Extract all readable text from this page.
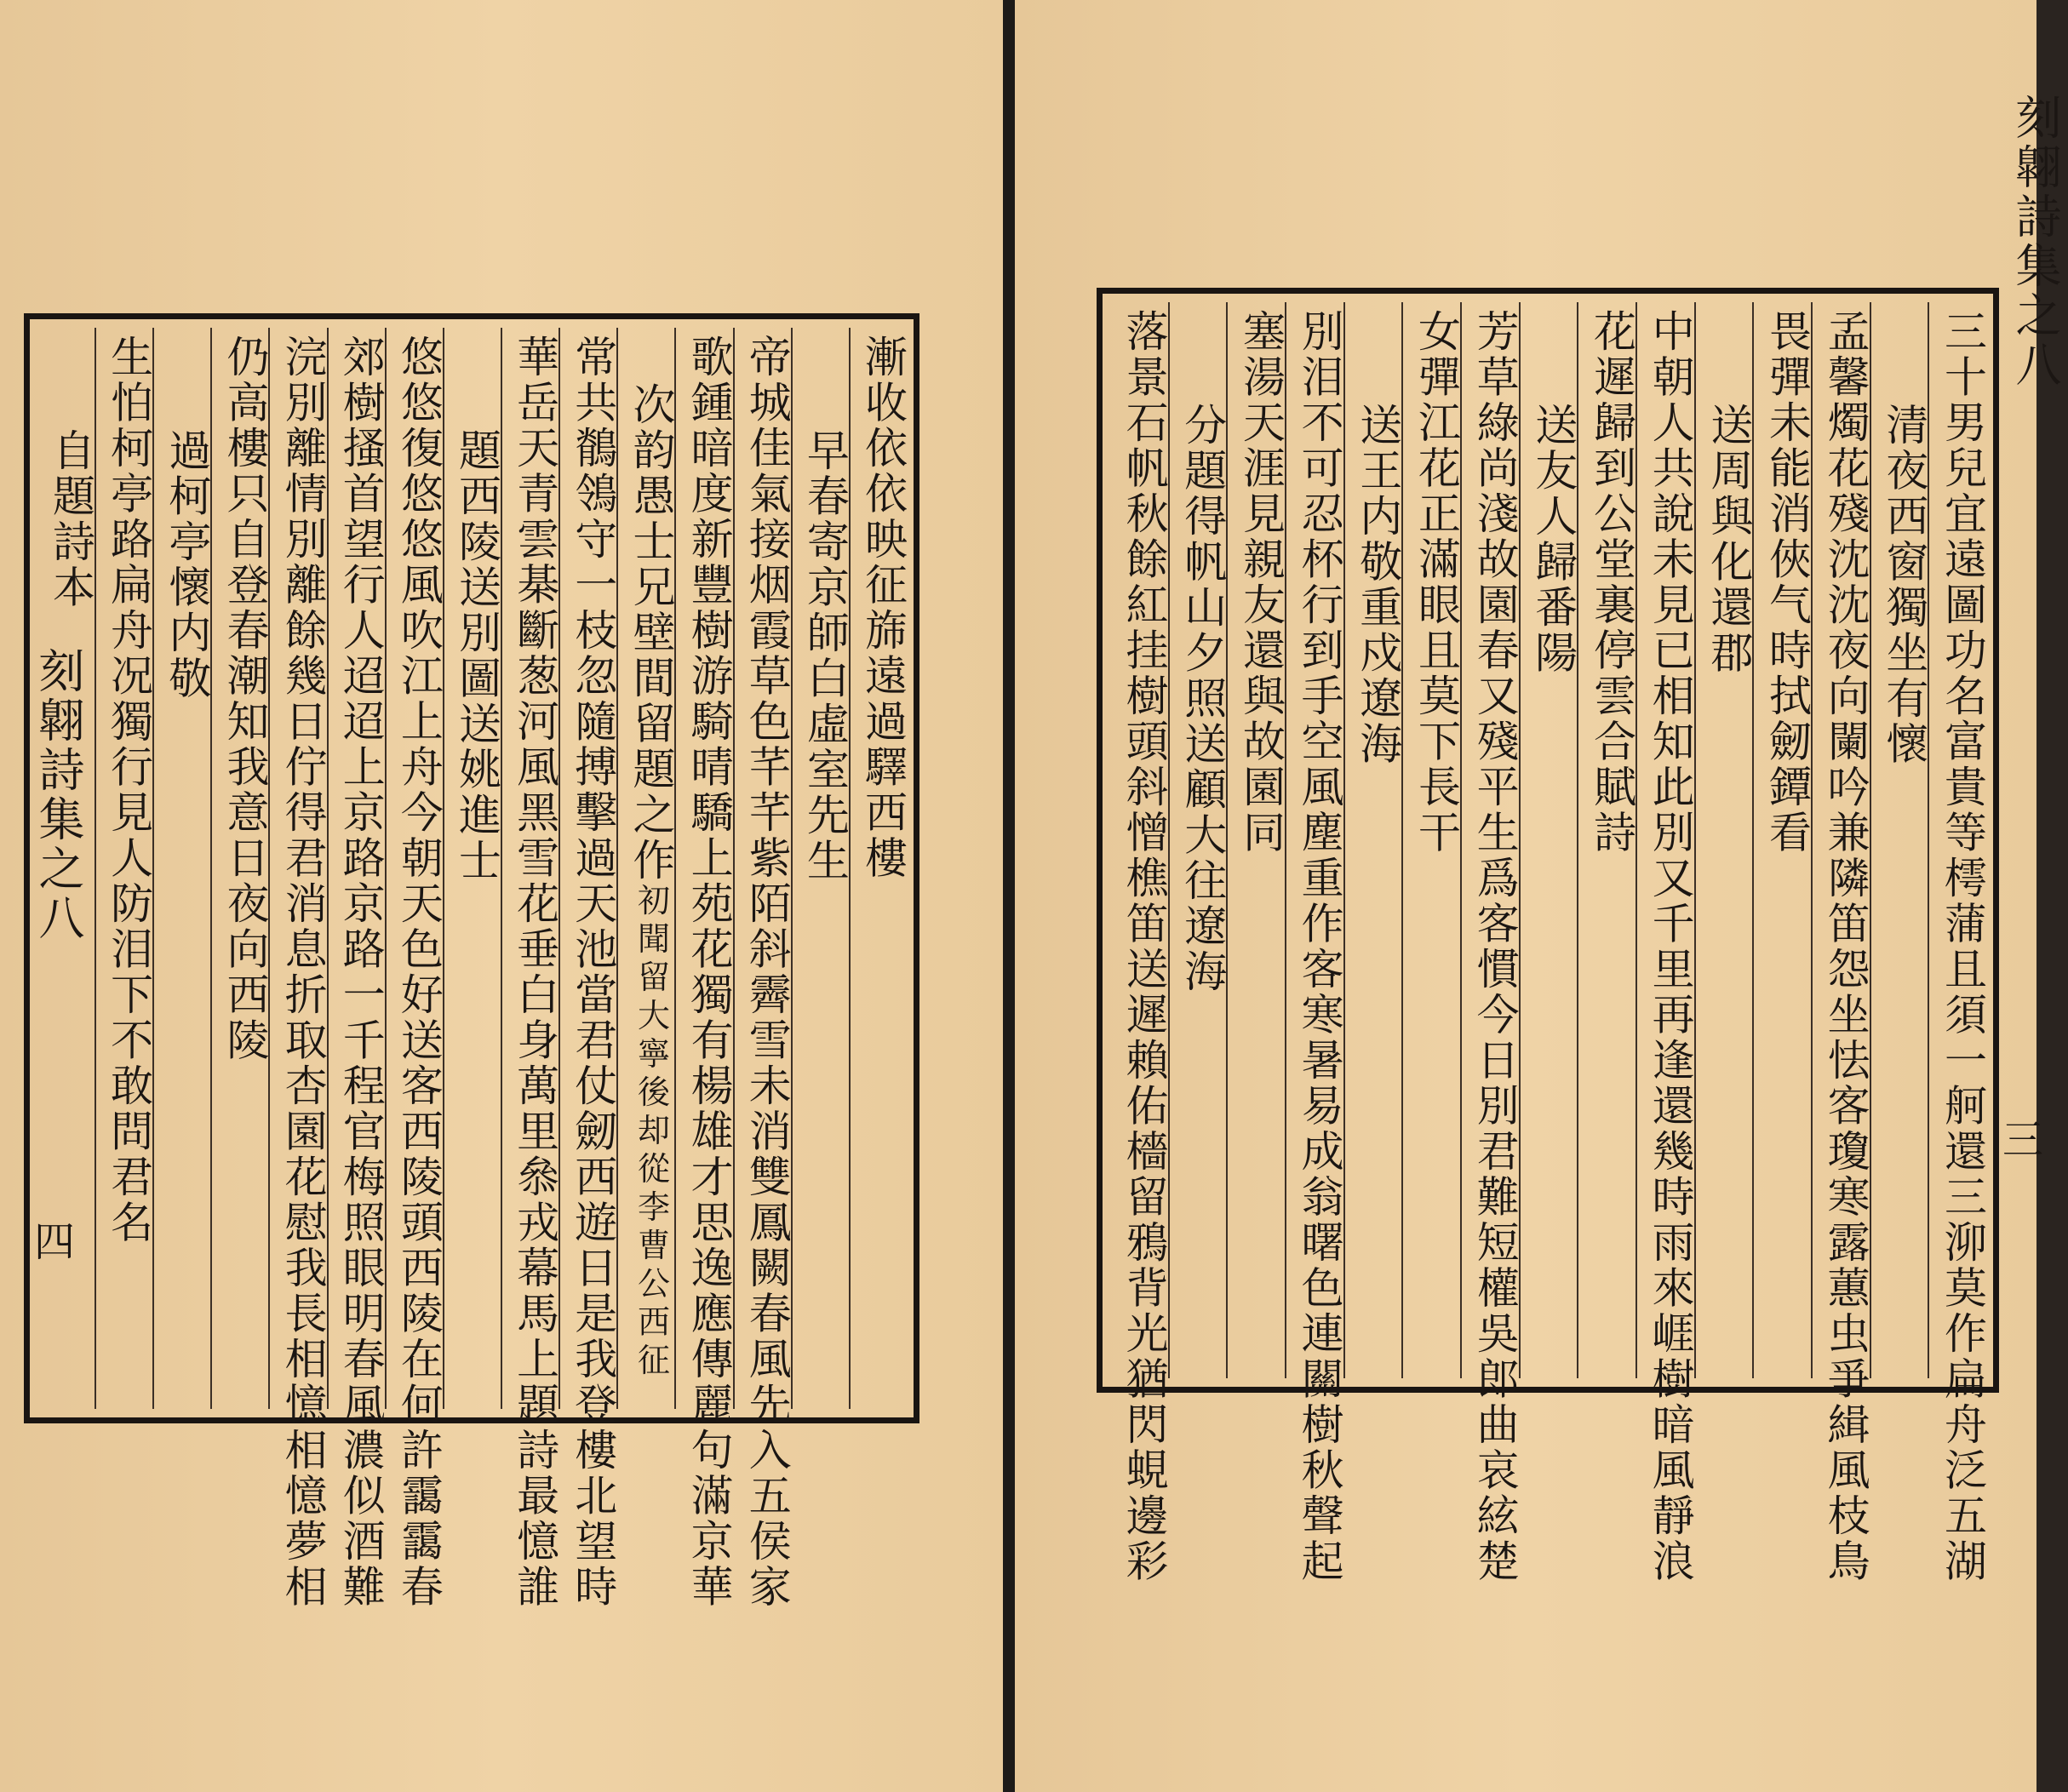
漸收依依映征旆遠過驛西樓
早春寄京師白虛室先生
帝城佳氣接烟霞草色芊芊紫陌斜霽雪未消雙鳳闕春風先入五侯家
歌鍾暗度新豐樹游騎晴驕上苑花獨有楊雄才思逸應傳麗句滿京華
次韵愚士兄壁間留題之作初聞留大寧後却從李曹公西征
常共鶺鴒守一枝忽隨搏擊過天池當君仗劒西遊日是我登樓北望時
華岳天青雲棊斷葱河風黑雪花垂白身萬里叅戎幕馬上題詩最憶誰
題西陵送別圖送姚進士
悠悠復悠悠風吹江上舟今朝天色好送客西陵頭西陵在何許靄靄春
郊樹搔首望行人迢迢上京路京路一千程官梅照眼明春風濃似酒難
浣別離情別離餘幾日佇得君消息折取杏園花慰我長相憶相憶夢相
仍高樓只自登春潮知我意日夜向西陵
過柯亭懷内敬
生怕柯亭路扁舟况獨行見人防泪下不敢問君名
自題詩本
刻翺詩集之八
四	三十男兒宜遠圖功名富貴等樗蒲且須一舸還三泖莫作扁舟泛五湖
清夜西窗獨坐有懷
孟馨燭花殘沈沈夜向闌吟兼隣笛怨坐怯客瓊寒露蕙虫爭緝風枝鳥
畏彈未能消俠气時拭劒鐔看
送周與化還郡
中朝人共說未見已相知此別又千里再逢還幾時雨來崕樹暗風靜浪
花遲歸到公堂裏停雲合賦詩
送友人歸番陽
芳草綠尚淺故園春又殘平生爲客慣今日別君難短權吳郎曲哀絃楚
女彈江花正滿眼且莫下長干
送王内敬重戍遼海
別泪不可忍杯行到手空風塵重作客寒暑易成翁曙色連關樹秋聲起
塞湯天涯見親友還與故園同
分題得帆山夕照送顧大往遼海
落景石帆秋餘紅挂樹頭斜憎樵笛送遲賴佑檣留鴉背光猶閃蜆邊彩
刻翺詩集之八
三
